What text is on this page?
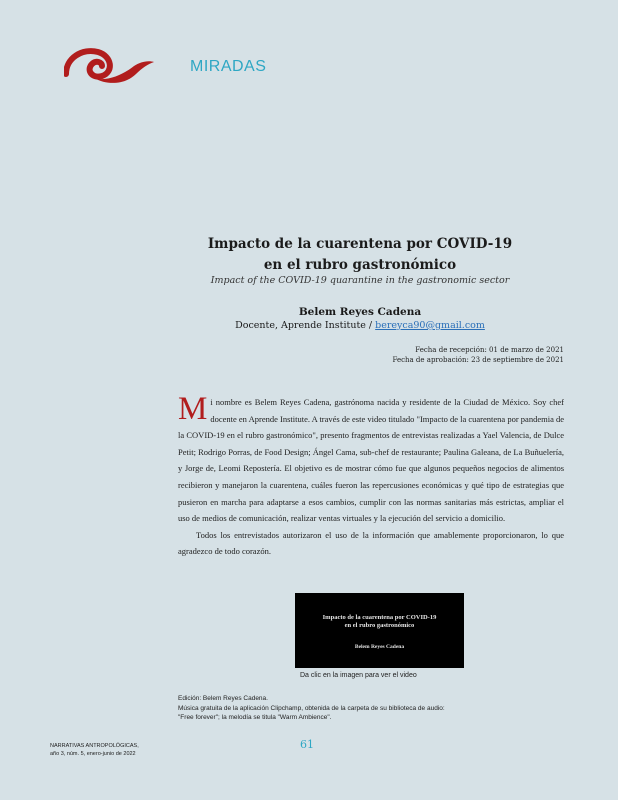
MIRADAS
Impacto de la cuarentena por COVID-19
en el rubro gastronómico
Impact of the COVID-19 quarantine in the gastronomic sector
Belem Reyes Cadena
Docente, Aprende Institute / bereyca90@gmail.com
Fecha de recepción: 01 de marzo de 2021
Fecha de aprobación: 23 de septiembre de 2021

Mi nombre es Belem Reyes Cadena, gastrónoma nacida y residente de la Ciudad de México. Soy chef docente en Aprende Institute. A través de este video titulado "Impacto de la cuarentena por pandemia de la COVID-19 en el rubro gastronómico", presento fragmentos de entrevistas realizadas a Yael Valencia, de Dulce Petit; Rodrigo Porras, de Food Design; Ángel Cama, sub-chef de restaurante; Paulina Galeana, de La Buñuelería, y Jorge de, Leomi Repostería. El objetivo es de mostrar cómo fue que algunos pequeños negocios de alimentos recibieron y manejaron la cuarentena, cuáles fueron las repercusiones económicas y qué tipo de estrategias que pusieron en marcha para adaptarse a esos cambios, cumplir con las normas sanitarias más estrictas, ampliar el uso de medios de comunicación, realizar ventas virtuales y la ejecución del servicio a domicilio.

Todos los entrevistados autorizaron el uso de la información que amablemente proporcionaron, lo que agradezco de todo corazón.

Impacto de la cuarentena por COVID-19
en el rubro gastronómico
Belem Reyes Cadena
Da clic en la imagen para ver el video
Edición: Belem Reyes Cadena.
Música gratuita de la aplicación Clipchamp, obtenida de la carpeta de su biblioteca de audio:
"Free forever"; la melodía se titula "Warm Ambience".
NARRATIVAS ANTROPOLÓGICAS,
año 3, núm. 5, enero-junio de 2022
61
